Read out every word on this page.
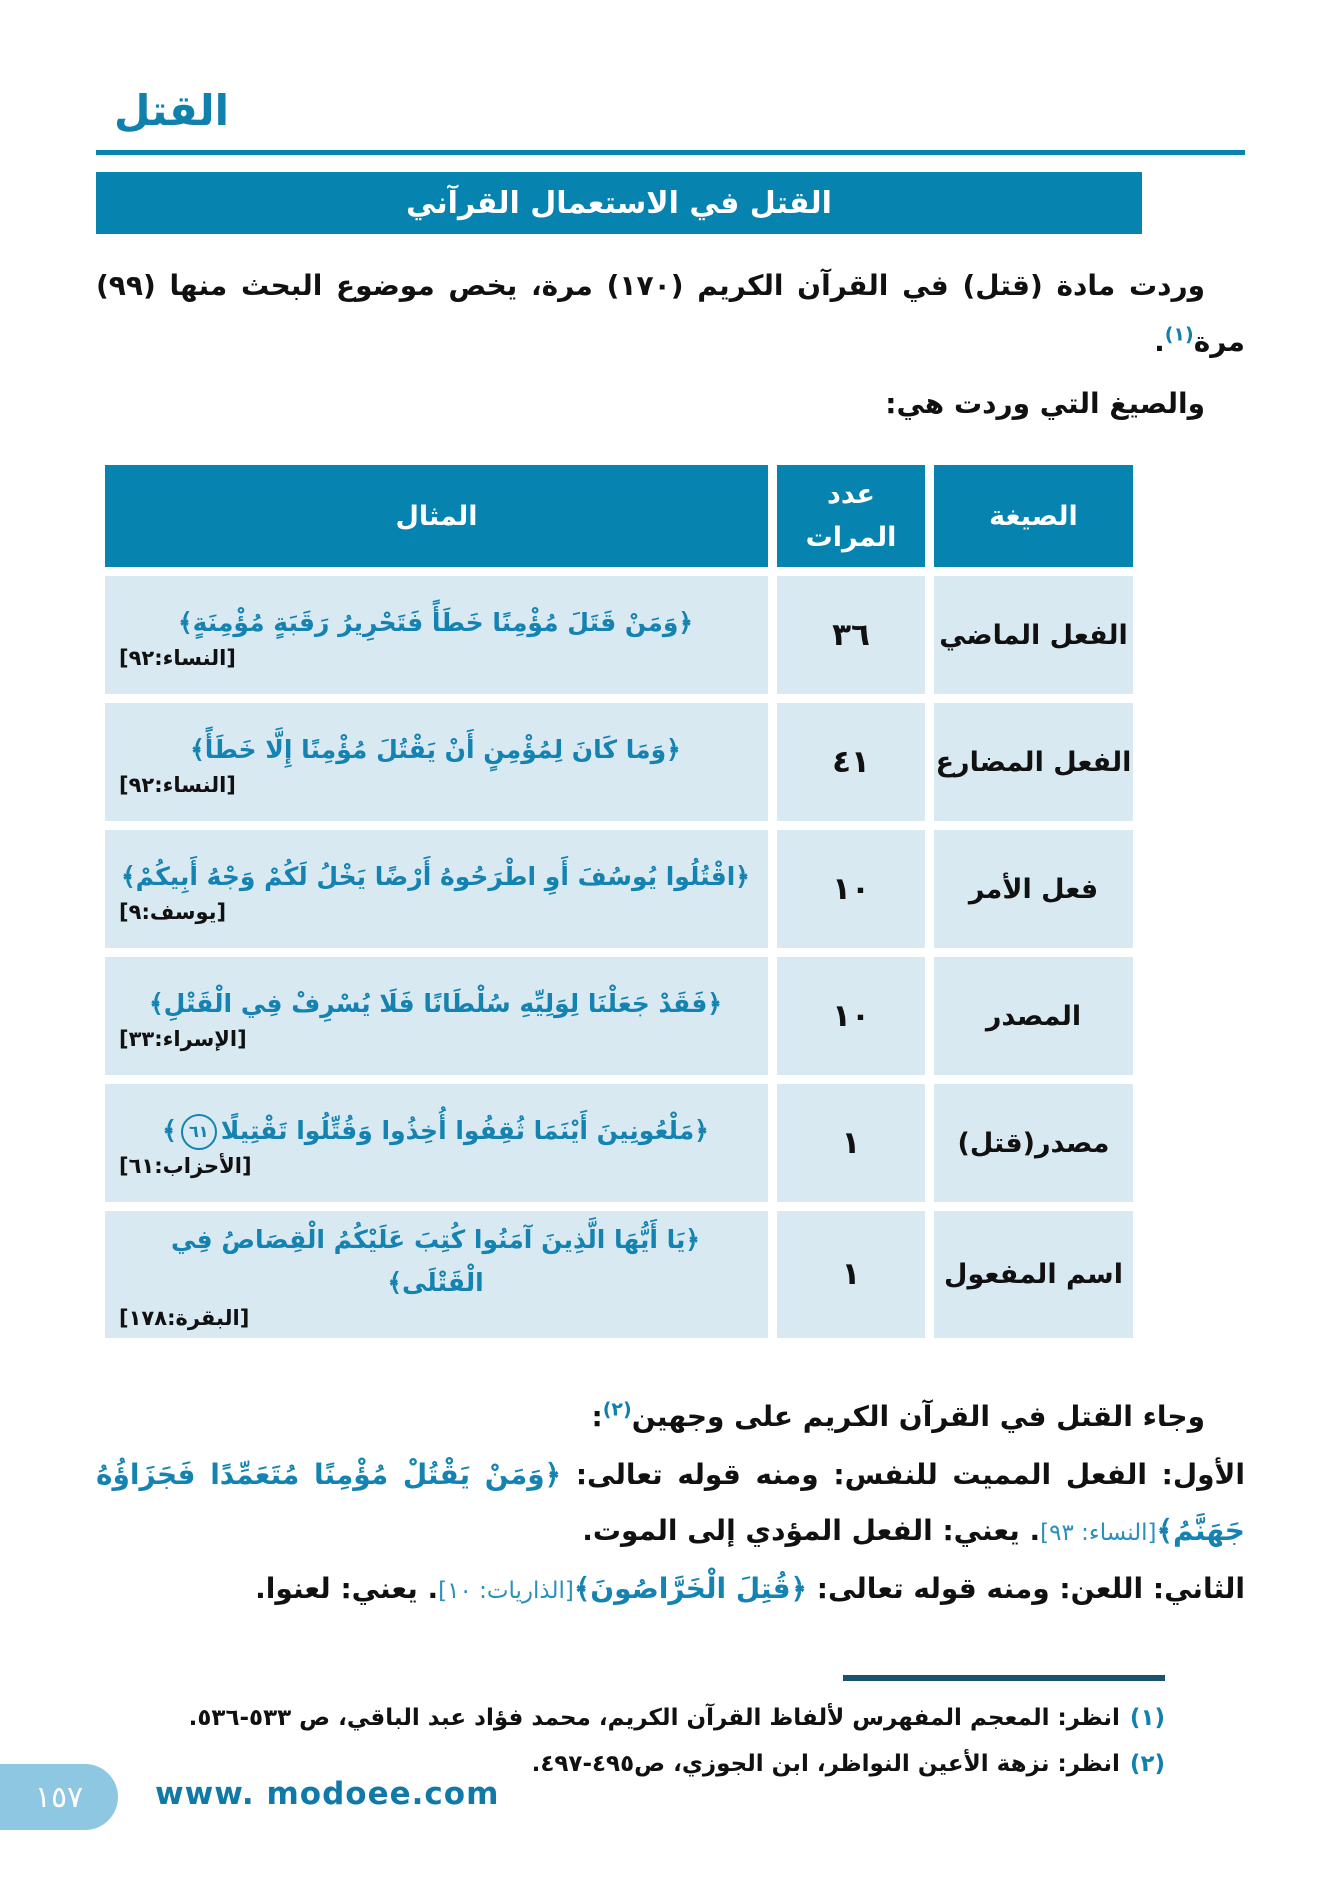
القتل
القتل في الاستعمال القرآني

وردت مادة (قتل) في القرآن الكريم (١٧٠) مرة، يخص موضوع البحث منها (٩٩) مرة$^{(١)}$.

والصيغ التي وردت هي:

الصيغة	عدد المرات	المثال
الفعل الماضي	٣٦	﴿وَمَنْ قَتَلَ مُؤْمِنًا خَطَأً فَتَحْرِيرُ رَقَبَةٍ مُؤْمِنَةٍ﴾
[النساء:٩٢]

الفعل المضارع	٤١	﴿وَمَا كَانَ لِمُؤْمِنٍ أَنْ يَقْتُلَ مُؤْمِنًا إِلَّا خَطَأً﴾
[النساء:٩٢]

فعل الأمر	١٠	﴿اقْتُلُوا يُوسُفَ أَوِ اطْرَحُوهُ أَرْضًا يَخْلُ لَكُمْ وَجْهُ أَبِيكُمْ﴾
[يوسف:٩]

المصدر	١٠	﴿فَقَدْ جَعَلْنَا لِوَلِيِّهِ سُلْطَانًا فَلَا يُسْرِفْ فِي الْقَتْلِ﴾
[الإسراء:٣٣]

مصدر(قتل)	١	﴿مَلْعُونِينَ أَيْنَمَا ثُقِفُوا أُخِذُوا وَقُتِّلُوا تَقْتِيلًا٦١﴾
[الأحزاب:٦١]

اسم المفعول	١	﴿يَا أَيُّهَا الَّذِينَ آمَنُوا كُتِبَ عَلَيْكُمُ الْقِصَاصُ فِي الْقَتْلَى﴾
[البقرة:١٧٨]

وجاء القتل في القرآن الكريم على وجهين$^{(٢)}$:

الأول: الفعل المميت للنفس: ومنه قوله تعالى: ﴿وَمَنْ يَقْتُلْ مُؤْمِنًا مُتَعَمِّدًا فَجَزَاؤُهُ جَهَنَّمُ﴾[النساء: ٩٣]. يعني: الفعل المؤدي إلى الموت.

الثاني: اللعن: ومنه قوله تعالى: ﴿قُتِلَ الْخَرَّاصُونَ﴾[الذاريات: ١٠]. يعني: لعنوا.

(١)انظر: المعجم المفهرس لألفاظ القرآن الكريم، محمد فؤاد عبد الباقي، ص ٥٣٣-٥٣٦.

(٢)انظر: نزهة الأعين النواظر، ابن الجوزي، ص٤٩٥-٤٩٧.

١٥٧ www. modoee.com
